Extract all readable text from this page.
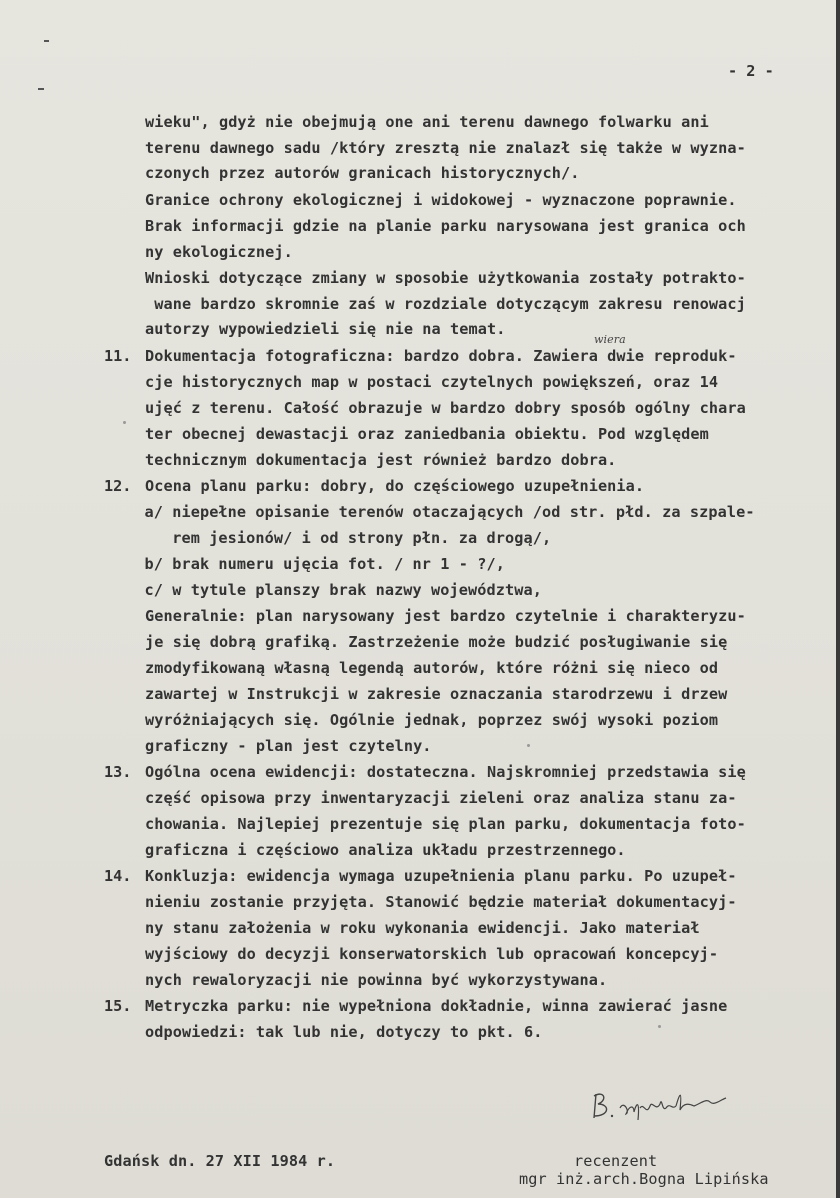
- 2 -
wieku", gdyż nie obejmują one ani terenu dawnego folwarku ani
terenu dawnego sadu /który zresztą nie znalazł się także w wyzna-
czonych przez autorów granicach historycznych/.
Granice ochrony ekologicznej i widokowej - wyznaczone poprawnie.
Brak informacji gdzie na planie parku narysowana jest granica och
ny ekologicznej.
Wnioski dotyczące zmiany w sposobie użytkowania zostały potrakto-
wane bardzo skromnie zaś w rozdziale dotyczącym zakresu renowacj
autorzy wypowiedzieli się nie na temat.
11.
wiera
Dokumentacja fotograficzna: bardzo dobra. Zawiera dwie reproduk-
cje historycznych map w postaci czytelnych powiększeń, oraz 14
ujęć z terenu. Całość obrazuje w bardzo dobry sposób ogólny chara
ter obecnej dewastacji oraz zaniedbania obiektu. Pod względem
technicznym dokumentacja jest również bardzo dobra.
12. Ocena planu parku: dobry, do częściowego uzupełnienia.
a/ niepełne opisanie terenów otaczających /od str. płd. za szpale-
rem jesionów/ i od strony płn. za drogą/,
b/ brak numeru ujęcia fot. / nr 1 - ?/,
c/ w tytule planszy brak nazwy województwa,
Generalnie: plan narysowany jest bardzo czytelnie i charakteryzu-
je się dobrą grafiką. Zastrzeżenie może budzić posługiwanie się
zmodyfikowaną własną legendą autorów, które różni się nieco od
zawartej w Instrukcji w zakresie oznaczania starodrzewu i drzew
wyróżniających się. Ogólnie jednak, poprzez swój wysoki poziom
graficzny - plan jest czytelny.
13. Ogólna ocena ewidencji: dostateczna. Najskromniej przedstawia się
część opisowa przy inwentaryzacji zieleni oraz analiza stanu za-
chowania. Najlepiej prezentuje się plan parku, dokumentacja foto-
graficzna i częściowo analiza układu przestrzennego.
14. Konkluzja: ewidencja wymaga uzupełnienia planu parku. Po uzupeł-
nieniu zostanie przyjęta. Stanowić będzie materiał dokumentacyj-
ny stanu założenia w roku wykonania ewidencji. Jako materiał
wyjściowy do decyzji konserwatorskich lub opracowań koncepcyj-
nych rewaloryzacji nie powinna być wykorzystywana.
15. Metryczka parku: nie wypełniona dokładnie, winna zawierać jasne
odpowiedzi: tak lub nie, dotyczy to pkt. 6.
Gdańsk dn. 27 XII 1984 r.	recenzent
mgr inż.arch.Bogna Lipińska
